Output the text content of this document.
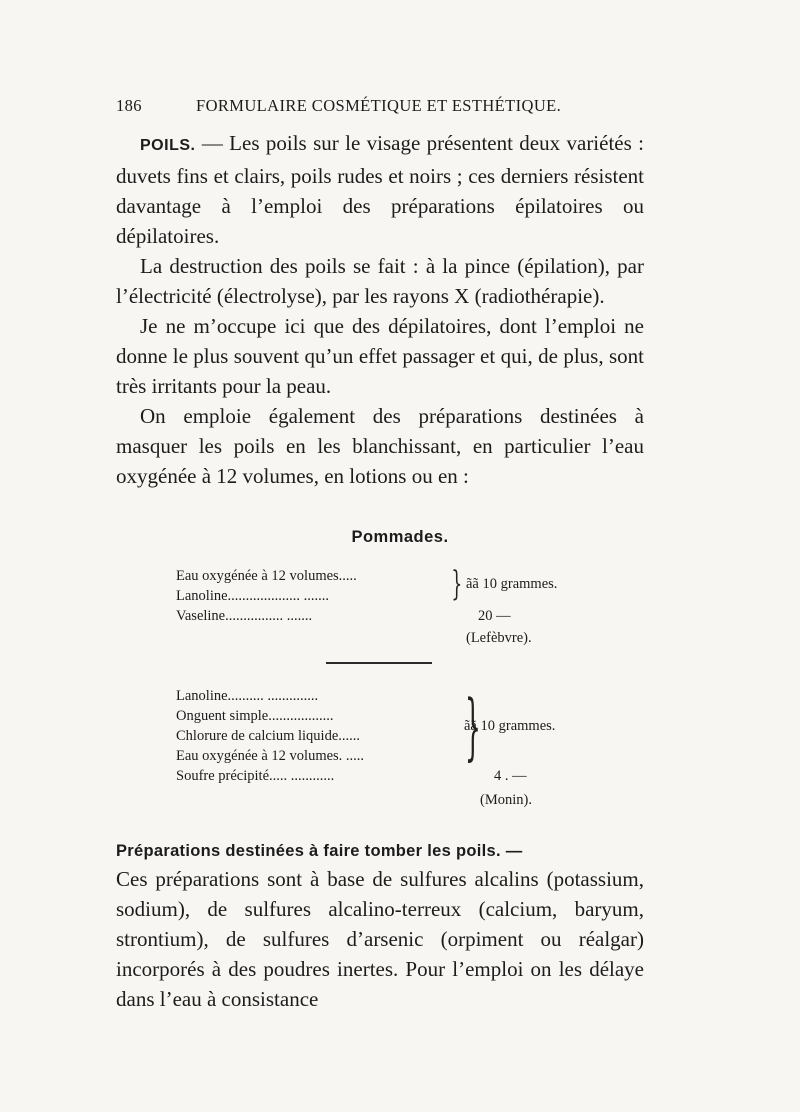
186	FORMULAIRE COSMÉTIQUE ET ESTHÉTIQUE.

POILS. — Les poils sur le visage présentent deux variétés : duvets fins et clairs, poils rudes et noirs ; ces derniers résistent davantage à l’emploi des préparations épilatoires ou dépilatoires.

La destruction des poils se fait : à la pince (épilation), par l’électricité (électrolyse), par les rayons X (radiothérapie).

Je ne m’occupe ici que des dépilatoires, dont l’emploi ne donne le plus souvent qu’un effet passager et qui, de plus, sont très irritants pour la peau.

On emploie également des préparations destinées à masquer les poils en les blanchissant, en particulier l’eau oxygénée à 12 volumes, en lotions ou en :

Pommades.
Eau oxygénée à 12 volumes.....
Lanoline.................... .......
Vaseline................ .......	20 —
} ãã 10 grammes.
(Lefèbvre).
Lanoline.......... ..............
Onguent simple..................
Chlorure de calcium liquide......
Eau oxygénée à 12 volumes. .....
Soufre précipité..... ............	4 . —
}
ãã 10 grammes.
(Monin).
Préparations destinées à faire tomber les poils. —

Ces préparations sont à base de sulfures alcalins (potassium, sodium), de sulfures alcalino-terreux (calcium, baryum, strontium), de sulfures d’arsenic (orpiment ou réalgar) incorporés à des poudres inertes. Pour l’emploi on les délaye dans l’eau à consistance
